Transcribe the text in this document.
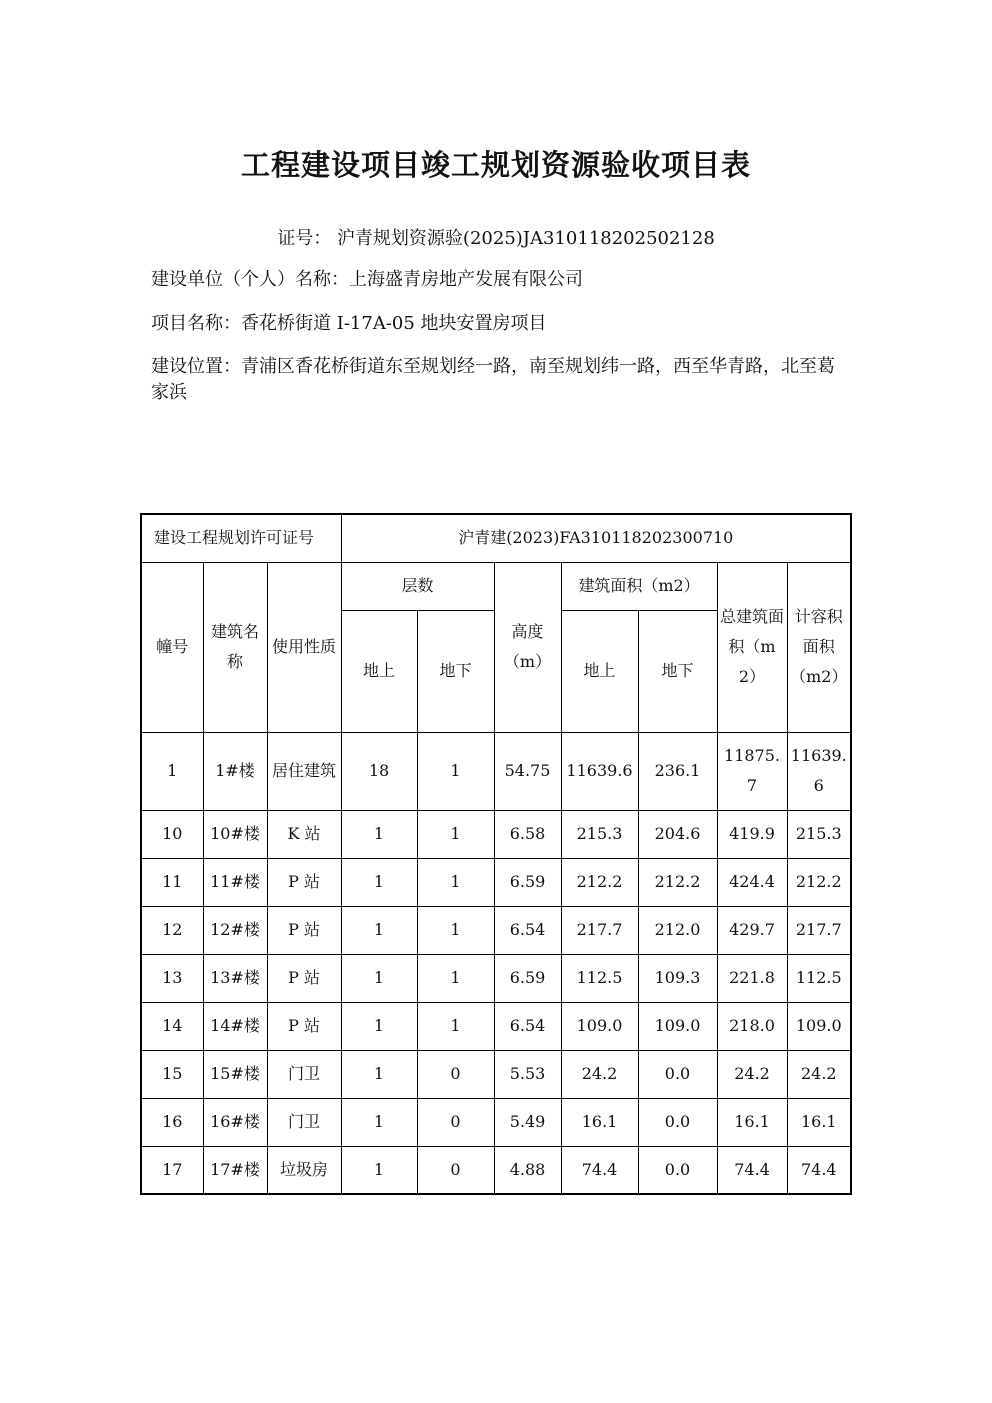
工程建设项目竣工规划资源验收项目表
证号： 沪青规划资源验(2025)JA310118202502128
建设单位（个人）名称：上海盛青房地产发展有限公司
项目名称：香花桥街道 I-17A-05 地块安置房项目
建设位置：青浦区香花桥街道东至规划经一路，南至规划纬一路，西至华青路，北至葛家浜
建设工程规划许可证号			沪青建(2023)FA310118202300710						
幢号	建筑名称	使用性质	层数		高度（m）	建筑面积（m2）		总建筑面积（m2）	计容积面积（m2）
			地上	地下		地上	地下		
1	1#楼	居住建筑	18	1	54.75	11639.6	236.1	11875.7	11639.6
10	10#楼	K 站	1	1	6.58	215.3	204.6	419.9	215.3
11	11#楼	P 站	1	1	6.59	212.2	212.2	424.4	212.2
12	12#楼	P 站	1	1	6.54	217.7	212.0	429.7	217.7
13	13#楼	P 站	1	1	6.59	112.5	109.3	221.8	112.5
14	14#楼	P 站	1	1	6.54	109.0	109.0	218.0	109.0
15	15#楼	门卫	1	0	5.53	24.2	0.0	24.2	24.2
16	16#楼	门卫	1	0	5.49	16.1	0.0	16.1	16.1
17	17#楼	垃圾房	1	0	4.88	74.4	0.0	74.4	74.4
